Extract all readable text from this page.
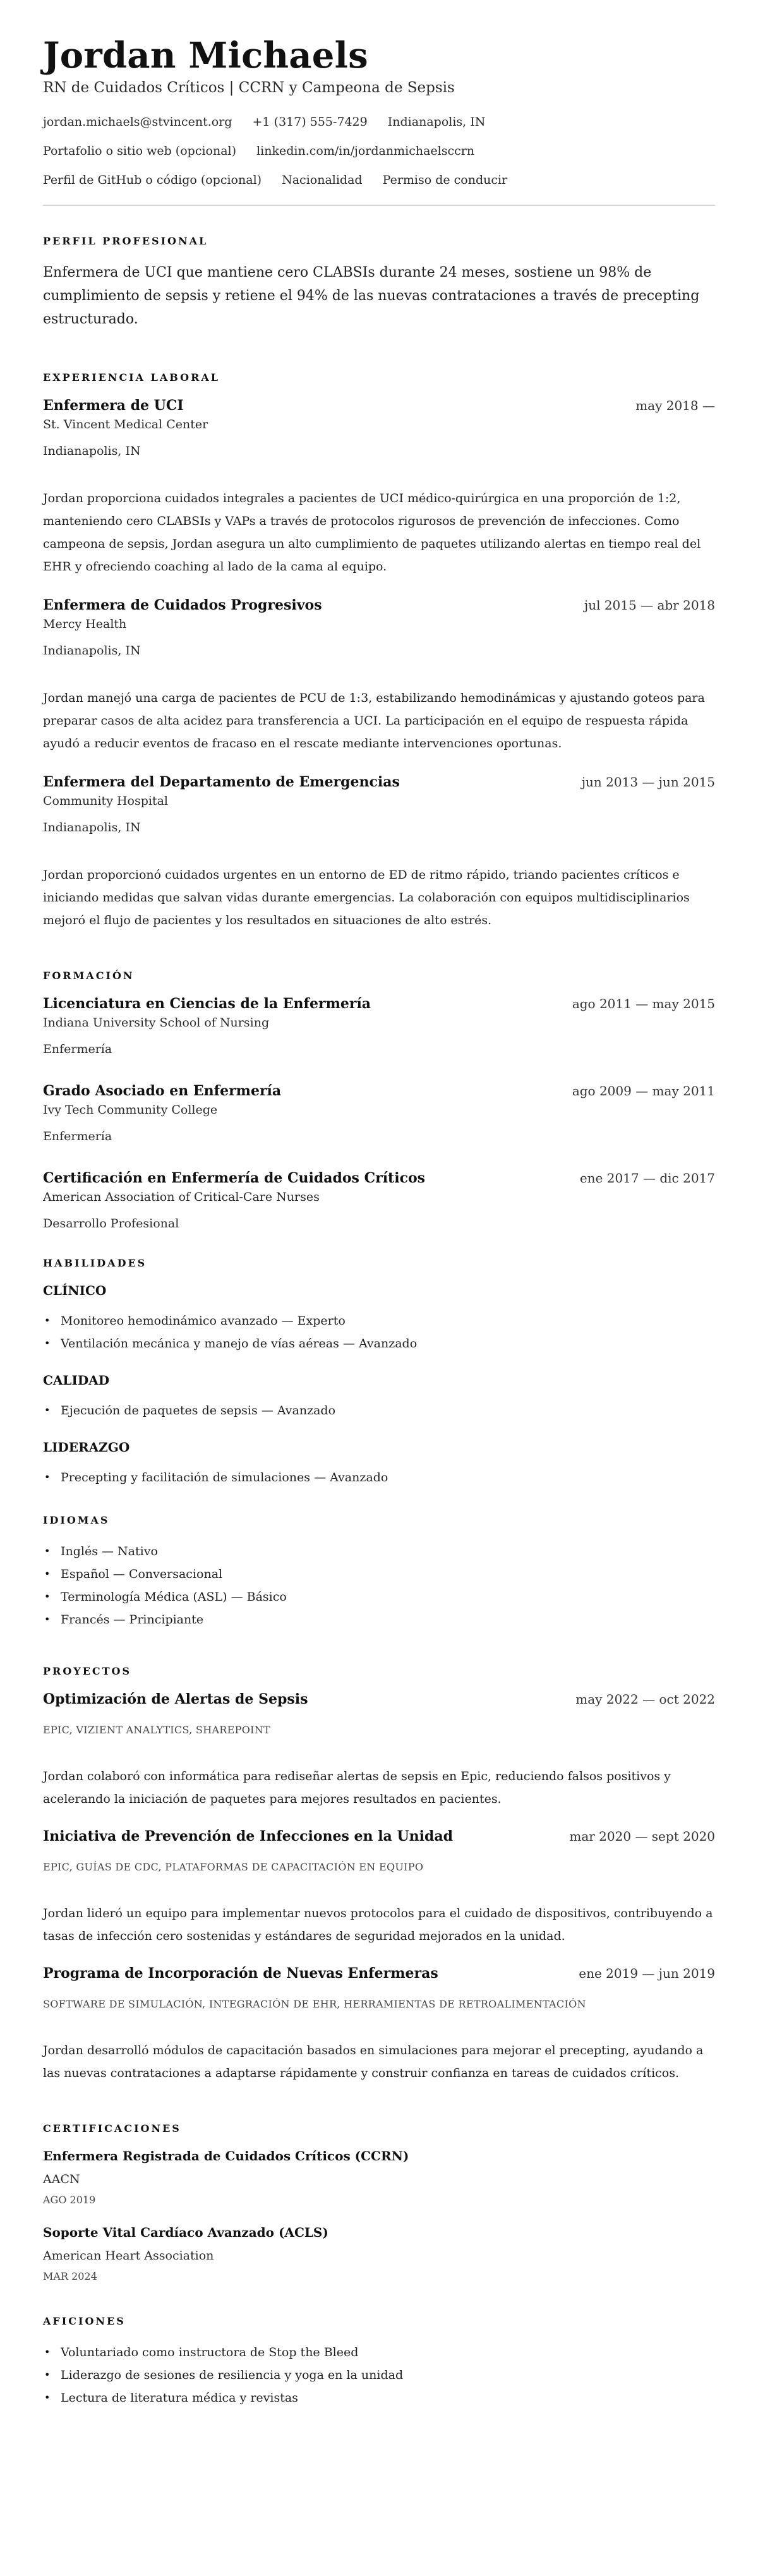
Jordan Michaels
RN de Cuidados Críticos | CCRN y Campeona de Sepsis
jordan.michaels@stvincent.org +1 (317) 555-7429 Indianapolis, IN
Portafolio o sitio web (opcional) linkedin.com/in/jordanmichaelsccrn
Perfil de GitHub o código (opcional) Nacionalidad Permiso de conducir
PERFIL PROFESIONAL

Enfermera de UCI que mantiene cero CLABSIs durante 24 meses, sostiene un 98% de cumplimiento de sepsis y retiene el 94% de las nuevas contrataciones a través de precepting estructurado.

EXPERIENCIA LABORAL
Enfermera de UCI	may 2018 —
St. Vincent Medical Center
Indianapolis, IN
Jordan proporciona cuidados integrales a pacientes de UCI médico-quirúrgica en una proporción de 1:2, manteniendo cero CLABSIs y VAPs a través de protocolos rigurosos de prevención de infecciones. Como campeona de sepsis, Jordan asegura un alto cumplimiento de paquetes utilizando alertas en tiempo real del EHR y ofreciendo coaching al lado de la cama al equipo.
Enfermera de Cuidados Progresivos	jul 2015 — abr 2018
Mercy Health
Indianapolis, IN
Jordan manejó una carga de pacientes de PCU de 1:3, estabilizando hemodinámicas y ajustando goteos para preparar casos de alta acidez para transferencia a UCI. La participación en el equipo de respuesta rápida ayudó a reducir eventos de fracaso en el rescate mediante intervenciones oportunas.
Enfermera del Departamento de Emergencias	jun 2013 — jun 2015
Community Hospital
Indianapolis, IN
Jordan proporcionó cuidados urgentes en un entorno de ED de ritmo rápido, triando pacientes críticos e iniciando medidas que salvan vidas durante emergencias. La colaboración con equipos multidisciplinarios mejoró el flujo de pacientes y los resultados en situaciones de alto estrés.
FORMACIÓN
Licenciatura en Ciencias de la Enfermería	ago 2011 — may 2015
Indiana University School of Nursing
Enfermería
Grado Asociado en Enfermería	ago 2009 — may 2011
Ivy Tech Community College
Enfermería
Certificación en Enfermería de Cuidados Críticos	ene 2017 — dic 2017
American Association of Critical-Care Nurses
Desarrollo Profesional
HABILIDADES
CLÍNICO
• Monitoreo hemodinámico avanzado — Experto
• Ventilación mecánica y manejo de vías aéreas — Avanzado
CALIDAD
• Ejecución de paquetes de sepsis — Avanzado
LIDERAZGO
• Precepting y facilitación de simulaciones — Avanzado
IDIOMAS
• Inglés — Nativo
• Español — Conversacional
• Terminología Médica (ASL) — Básico
• Francés — Principiante
PROYECTOS
Optimización de Alertas de Sepsis	may 2022 — oct 2022
EPIC, VIZIENT ANALYTICS, SHAREPOINT
Jordan colaboró con informática para rediseñar alertas de sepsis en Epic, reduciendo falsos positivos y acelerando la iniciación de paquetes para mejores resultados en pacientes.
Iniciativa de Prevención de Infecciones en la Unidad	mar 2020 — sept 2020
EPIC, GUÍAS DE CDC, PLATAFORMAS DE CAPACITACIÓN EN EQUIPO
Jordan lideró un equipo para implementar nuevos protocolos para el cuidado de dispositivos, contribuyendo a tasas de infección cero sostenidas y estándares de seguridad mejorados en la unidad.
Programa de Incorporación de Nuevas Enfermeras	ene 2019 — jun 2019
SOFTWARE DE SIMULACIÓN, INTEGRACIÓN DE EHR, HERRAMIENTAS DE RETROALIMENTACIÓN
Jordan desarrolló módulos de capacitación basados en simulaciones para mejorar el precepting, ayudando a las nuevas contrataciones a adaptarse rápidamente y construir confianza en tareas de cuidados críticos.
CERTIFICACIONES
Enfermera Registrada de Cuidados Críticos (CCRN)
AACN
AGO 2019
Soporte Vital Cardíaco Avanzado (ACLS)
American Heart Association
MAR 2024
AFICIONES
• Voluntariado como instructora de Stop the Bleed
• Liderazgo de sesiones de resiliencia y yoga en la unidad
• Lectura de literatura médica y revistas
